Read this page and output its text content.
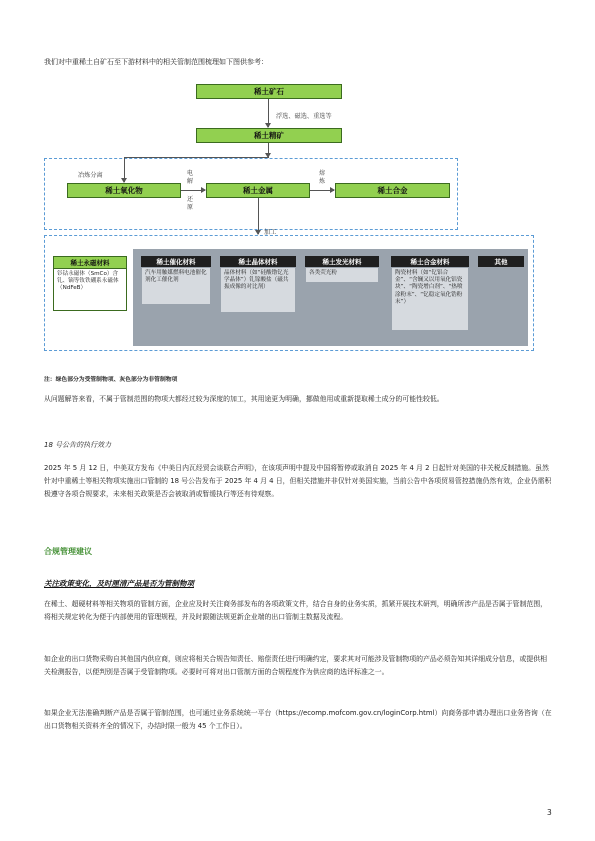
我们对中重稀土自矿石至下游材料中的相关管制范围梳理如下图供参考：
稀土矿石
浮选、磁选、重选等
稀土精矿
冶炼分离
稀土氧化物
电解
还原
稀土金属
熔炼
稀土合金
加工
稀土永磁材料
钐钴永磁体（SmCo）含钆、镝等钕铁硼系永磁体（NdFeB）
稀土催化材料
汽车用触媒燃料电池催化剂化工催化剂
稀土晶体材料
晶体材料（如“硅酸镥钇光学晶体”）钆镓酸盐（磁共振成像的对比剂）
稀土发光材料
各类荧光粉
稀土合金材料
陶瓷材料（如“钇铝合金”、“含镧又以用氧化铝瓷块”、“陶瓷增白剂”、“热喷涂粉末”、“钇稳定氧化锆粉末”）
其他
注：绿色部分为受管制物项、灰色部分为非管制物项
从问题解答来看，不属于管制范围的物项大都经过较为深度的加工，其用途更为明确，挪做他用或重新提取稀土成分的可能性较低。
18 号公告的执行效力
2025 年 5 月 12 日，中美双方发布《中美日内瓦经贸会谈联合声明》，在该项声明中提及中国将暂停或取消自 2025 年 4 月 2 日起针对美国的非关税反制措施。虽然针对中重稀土等相关物项实施出口管制的 18 号公告发布于 2025 年 4 月 4 日，但相关措施并非仅针对美国实施，当前公告中各项贸易管控措施仍然有效，企业仍需积极遵守各项合规要求，未来相关政策是否会被取消或暂缓执行等还有待观察。
合规管理建议
关注政策变化，及时厘清产品是否为管制物项
在稀土、超硬材料等相关物项的管制方面，企业应及时关注商务部发布的各项政策文件，结合自身的业务实质，抓紧开展技术研判，明确所涉产品是否属于管制范围，将相关规定转化为便于内部使用的管理规程，并及时跟随法规更新企业端的出口管制主数据及流程。
如企业的出口货物采购自其他国内供应商，则应将相关合规告知责任、赔偿责任进行明确约定，要求其对可能涉及管制物项的产品必须告知其详细成分信息，或提供相关检测报告，以便判别是否属于受管制物项。必要时可将对出口管制方面的合规程度作为供应商的选评标准之一。
如果企业无法准确判断产品是否属于管制范围，也可通过业务系统统一平台（https://ecomp.mofcom.gov.cn/loginCorp.html）向商务部申请办理出口业务咨询（在出口货物相关资料齐全的情况下，办结时限一般为 45 个工作日）。
3
